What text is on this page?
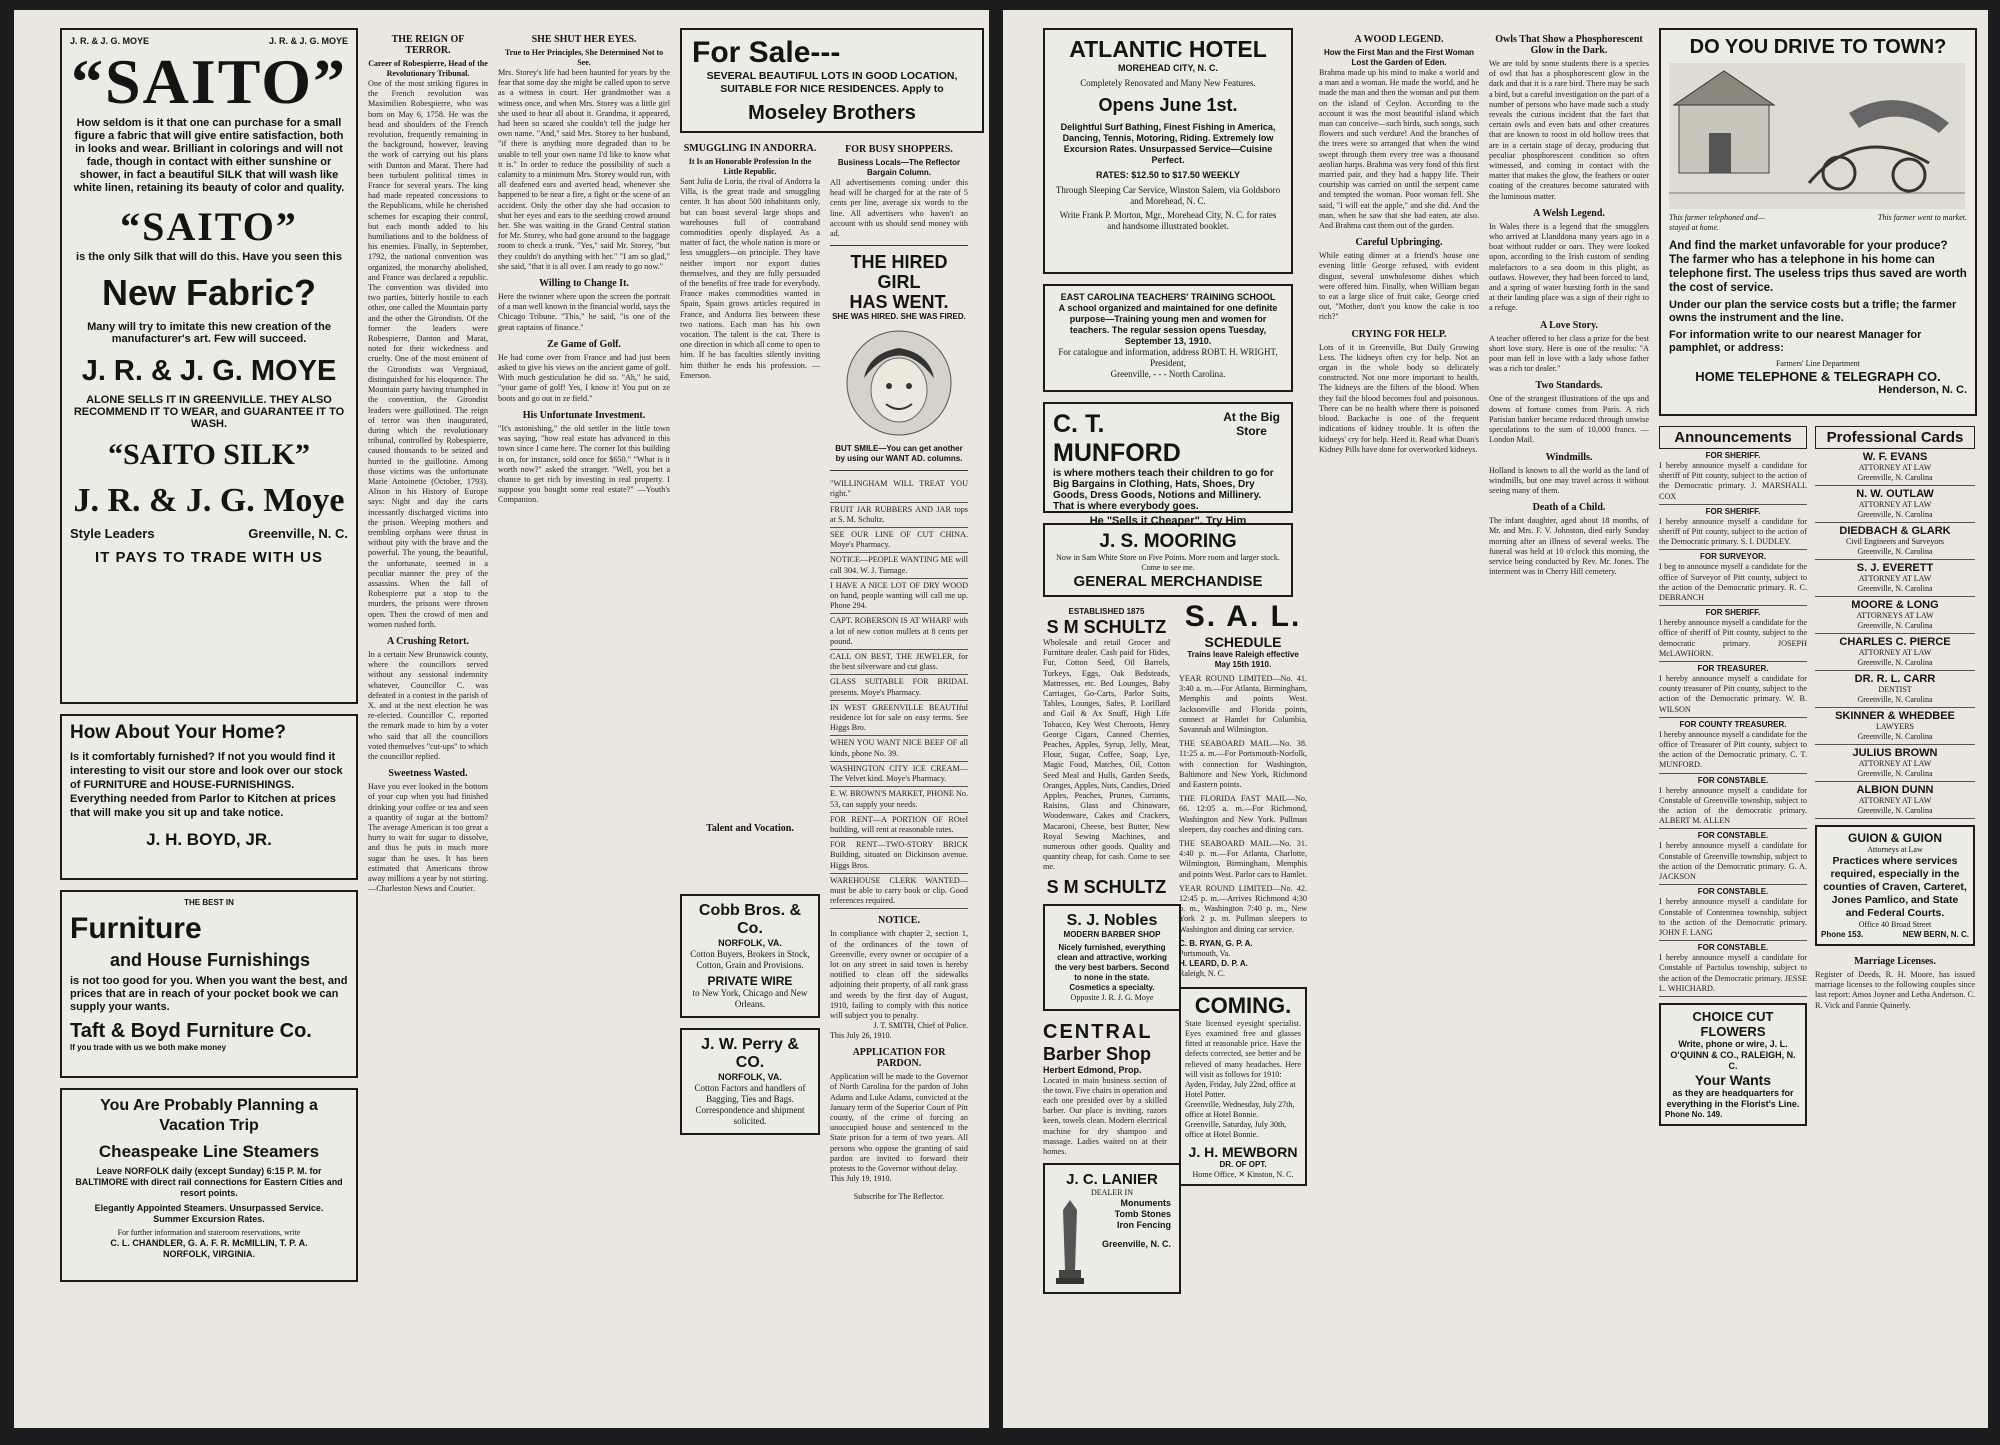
J. R. & J. G. MOYE	J. R. & J. G. MOYE
“SAITO”
How seldom is it that one can purchase for a small figure a fabric that will give entire satisfaction, both in looks and wear. Brilliant in colorings and will not fade, though in contact with either sunshine or shower, in fact a beautiful SILK that will wash like white linen, retaining its beauty of color and quality.
“SAITO”
is the only Silk that will do this. Have you seen this
New Fabric?
Many will try to imitate this new creation of the manufacturer's art. Few will succeed.
J. R. & J. G. MOYE
ALONE SELLS IT IN GREENVILLE. THEY ALSO RECOMMEND IT TO WEAR, and GUARANTEE IT TO WASH.
“SAITO SILK”
J. R. & J. G. Moye
Style Leaders	Greenville, N. C.
IT PAYS TO TRADE WITH US
How About Your Home?
Is it comfortably furnished? If not you would find it interesting to visit our store and look over our stock of FURNITURE and HOUSE-FURNISHINGS. Everything needed from Parlor to Kitchen at prices that will make you sit up and take notice.
J. H. BOYD, JR.
THE BEST IN
Furniture
and House Furnishings
is not too good for you. When you want the best, and prices that are in reach of your pocket book we can supply your wants.
Taft & Boyd Furniture Co.
If you trade with us we both make money
You Are Probably Planning a Vacation Trip
Cheaspeake Line Steamers
Leave NORFOLK daily (except Sunday) 6:15 P. M. for BALTIMORE with direct rail connections for Eastern Cities and resort points.
Elegantly Appointed Steamers. Unsurpassed Service.
Summer Excursion Rates.
For further information and stateroom reservations, write
C. L. CHANDLER, G. A. F. R. McMILLIN, T. P. A.
NORFOLK, VIRGINIA.
THE REIGN OF TERROR.
Career of Robespierre, Head of the Revolutionary Tribunal.
One of the most striking figures in the French revolution was Maximilien Robespierre, who was born on May 6, 1758. He was the head and shoulders of the French revolution, frequently remaining in the background, however, leaving the work of carrying out his plans with Danton and Marat. There had been turbulent political times in France for several years. The king had made repeated concessions to the Republicans, while he cherished schemes for escaping their control, but each month added to his humiliations and to the boldness of his enemies. Finally, in September, 1792, the national convention was organized, the monarchy abolished, and France was declared a republic. The convention was divided into two parties, bitterly hostile to each other, one called the Mountain party and the other the Girondists. Of the former the leaders were Robespierre, Danton and Marat, noted for their wickedness and cruelty. One of the most eminent of the Girondists was Vergniaud, distinguished for his eloquence. The Mountain party having triumphed in the convention, the Girondist leaders were guillotined. The reign of terror was then inaugurated, during which the revolutionary tribunal, controlled by Robespierre, caused thousands to be seized and hurried to the guillotine. Among those victims was the unfortunate Marie Antoinette (October, 1793). Alison in his History of Europe says: Night and day the carts incessantly discharged victims into the prison. Weeping mothers and trembling orphans were thrust in without pity with the brave and the powerful. The young, the beautiful, the unfortunate, seemed in a peculiar manner the prey of the assassins. When the fall of Robespierre put a stop to the murders, the prisons were thrown open. Then the crowd of men and women rushed forth.
A Crushing Retort.
In a certain New Brunswick county, where the councillors served without any sessional indemnity whatever, Councillor C. was defeated in a contest in the parish of X. and at the next election he was re-elected. Councillor C. reported the remark made to him by a voter who said that all the councillors voted themselves "cut-ups" to which the councillor replied.
Sweetness Wasted.
Have you ever looked in the bottom of your cup when you had finished drinking your coffee or tea and seen a quantity of sugar at the bottom? The average American is too great a hurry to wait for sugar to dissolve, and thus he puts in much more sugar than he uses. It has been estimated that Americans throw away millions a year by not stirring. —Charleston News and Courier.
SHE SHUT HER EYES.
True to Her Principles, She Determined Not to See.
Mrs. Storey's life had been haunted for years by the fear that some day she might be called upon to serve as a witness in court. Her grandmother was a witness once, and when Mrs. Storey was a little girl she used to hear all about it. Grandma, it appeared, had been so scared she couldn't tell the judge her own name. "And," said Mrs. Storey to her husband, "if there is anything more degraded than to be unable to tell your own name I'd like to know what it is." In order to reduce the possibility of such a calamity to a minimum Mrs. Storey would run, with all deafened ears and averted head, whenever she happened to be near a fire, a fight or the scene of an accident. Only the other day she had occasion to shut her eyes and ears to the seething crowd around her. She was waiting in the Grand Central station for Mr. Storey, who had gone around to the baggage room to check a trunk. "Yes," said Mr. Storey, "but they couldn't do anything with her." "I am so glad," she said, "that it is all over. I am ready to go now."
Willing to Change It.
Here the twinner where upon the screen the portrait of a man well known in the financial world, says the Chicago Tribune. "This," he said, "is one of the great captains of finance."
Ze Game of Golf.
He had come over from France and had just been asked to give his views on the ancient game of golf. With much gesticulation he did so. "Ah," he said, "your game of golf! Yes, I know it! You put on ze boots and go out in ze field."
His Unfortunate Investment.
"It's astonishing," the old settler in the little town was saying, "how real estate has advanced in this town since I came here. The corner lot this building is on, for instance, sold once for $650." "What is it worth now?" asked the stranger. "Well, you bet a chance to get rich by investing in real property. I suppose you bought some real estate?" —Youth's Companion.
For Sale---
SEVERAL BEAUTIFUL LOTS IN GOOD LOCATION, SUITABLE FOR NICE RESIDENCES. Apply to
Moseley Brothers
SMUGGLING IN ANDORRA.
It Is an Honorable Profession In the Little Republic.
Sant Julia de Loria, the rival of Andorra la Villa, is the great trade and smuggling center. It has about 500 inhabitants only, but can boast several large shops and warehouses full of contraband commodities openly displayed. As a matter of fact, the whole nation is more or less smugglers—on principle. They have neither import nor export duties themselves, and they are fully persuaded of the benefits of free trade for everybody. France makes commodities wanted in Spain, Spain grows articles required in France, and Andorra lies between these two nations. Each man has his own vocation. The talent is the cat. There is one direction in which all come to open to him. If he has faculties silently inviting him thither he ends his profession. —Emerson.
Talent and Vocation.
Cobb Bros. & Co.
NORFOLK, VA.
Cotton Buyers, Brokers in Stock, Cotton, Grain and Provisions.
PRIVATE WIRE
to New York, Chicago and New Orleans.
J. W. Perry & CO.
NORFOLK, VA.
Cotton Factors and handlers of Bagging, Ties and Bags. Correspondence and shipment solicited.
FOR BUSY SHOPPERS.
Business Locals—The Reflector Bargain Column.
All advertisements coming under this head will be charged for at the rate of 5 cents per line, average six words to the line. All advertisers who haven't an account with us should send money with ad.
THE HIRED GIRL
HAS WENT.
SHE WAS HIRED. SHE WAS FIRED.
BUT SMILE—You can get another by using our WANT AD. columns.
"WILLINGHAM WILL TREAT YOU right."
FRUIT JAR RUBBERS AND JAR tops at S. M. Schultz.
SEE OUR LINE OF CUT CHINA. Moye's Pharmacy.
NOTICE—PEOPLE WANTING ME will call 304. W. J. Turnage.
I HAVE A NICE LOT OF DRY WOOD on hand, people wanting will call me up. Phone 294.
CAPT. ROBERSON IS AT WHARF with a lot of new cotton mullets at 8 cents per pound.
CALL ON BEST, THE JEWELER, for the best silverware and cut glass.
GLASS SUITABLE FOR BRIDAL presents. Moye's Pharmacy.
IN WEST GREENVILLE BEAUTIful residence lot for sale on easy terms. See Higgs Bro.
WHEN YOU WANT NICE BEEF OF all kinds, phone No. 39.
WASHINGTON CITY ICE CREAM—The Velvet kind. Moye's Pharmacy.
E. W. BROWN'S MARKET, PHONE No. 53, can supply your needs.
FOR RENT—A PORTION OF ROtel building, will rent at reasonable rates.
FOR RENT—TWO-STORY BRICK Building, situated on Dickinson avenue. Higgs Bros.
WAREHOUSE CLERK WANTED—must be able to carry book or clip. Good references required.
NOTICE.
In compliance with chapter 2, section 1, of the ordinances of the town of Greenville, every owner or occupier of a lot on any street in said town is hereby notified to clean off the sidewalks adjoining their property, of all rank grass and weeds by the first day of August, 1910, failing to comply with this notice will subject you to penalty.
J. T. SMITH, Chief of Police.
This July 26, 1910.
APPLICATION FOR PARDON.
Application will be made to the Governor of North Carolina for the pardon of John Adams and Luke Adams, convicted at the January term of the Superior Court of Pitt county, of the crime of forcing an unoccupied house and sentenced to the State prison for a term of two years. All persons who oppose the granting of said pardon are invited to forward their protests to the Governor without delay.
This July 19, 1910.
Subscribe for The Reflector.
ATLANTIC HOTEL
MOREHEAD CITY, N. C.
Completely Renovated and Many New Features.
Opens June 1st.
Delightful Surf Bathing, Finest Fishing in America, Dancing, Tennis, Motoring, Riding. Extremely low Excursion Rates. Unsurpassed Service—Cuisine Perfect.
RATES: $12.50 to $17.50 WEEKLY
Through Sleeping Car Service, Winston Salem, via Goldsboro and Morehead, N. C.
Write Frank P. Morton, Mgr., Morehead City, N. C. for rates and handsome illustrated booklet.
EAST CAROLINA TEACHERS' TRAINING SCHOOL
A school organized and maintained for one definite purpose—Training young men and women for teachers. The regular session opens Tuesday, September 13, 1910.
For catalogue and information, address ROBT. H. WRIGHT, President,
Greenville, - - - North Carolina.
C. T. MUNFORD
At the Big Store
is where mothers teach their children to go for Big Bargains in Clothing, Hats, Shoes, Dry Goods, Dress Goods, Notions and Millinery. That is where everybody goes.
He "Sells it Cheaper". Try Him
J. S. MOORING
Now in Sam White Store on Five Points. More room and larger stock. Come to see me.
GENERAL MERCHANDISE
ESTABLISHED 1875
S M SCHULTZ
Wholesale and retail Grocer and Furniture dealer. Cash paid for Hides, Fur, Cotton Seed, Oil Barrels, Turkeys, Eggs, Oak Bedsteads, Mattresses, etc. Bed Lounges, Baby Carriages, Go-Carts, Parlor Suits, Tables, Lounges, Safes, P. Lorillard and Gail & Ax Snuff, High Life Tobacco, Key West Cheroots, Henry George Cigars, Canned Cherries, Peaches, Apples, Syrup, Jelly, Meat, Flour, Sugar, Coffee, Soap, Lye, Magic Food, Matches, Oil, Cotton Seed Meal and Hulls, Garden Seeds, Oranges, Apples, Nuts, Candies, Dried Apples, Peaches, Prunes, Currants, Raisins, Glass and Chinaware, Woodenware, Cakes and Crackers, Macaroni, Cheese, best Butter, New Royal Sewing Machines, and numerous other goods. Quality and quantity cheap, for cash. Come to see me.
S M SCHULTZ
S. J. Nobles
MODERN BARBER SHOP
Nicely furnished, everything clean and attractive, working the very best barbers. Second to none in the state.
Cosmetics a specialty.
Opposite J. R. J. G. Moye
CENTRAL
Barber Shop
Herbert Edmond, Prop.
Located in main business section of the town. Five chairs in operation and each one presided over by a skilled barber. Our place is inviting, razors keen, towels clean. Modern electrical machine for dry shampoo and massage. Ladies waited on at their homes.
J. C. LANIER
DEALER IN
Monuments
Tomb Stones
Iron Fencing
Greenville, N. C.
S. A. L.
SCHEDULE
Trains leave Raleigh effective May 15th 1910.
YEAR ROUND LIMITED—No. 41. 3:40 a. m.—For Atlanta, Birmingham, Memphis and points West. Jacksonville and Florida points, connect at Hamlet for Columbia, Savannah and Wilmington.
THE SEABOARD MAIL—No. 38. 11:25 a. m.—For Portsmouth-Norfolk, with connection for Washington, Baltimore and New York, Richmond and Eastern points.
THE FLORIDA FAST MAIL—No. 66. 12:05 a. m.—For Richmond, Washington and New York. Pullman sleepers, day coaches and dining cars.
THE SEABOARD MAIL—No. 31. 4:40 p. m.—For Atlanta, Charlotte, Wilmington, Birmingham, Memphis and points West. Parlor cars to Hamlet.
YEAR ROUND LIMITED—No. 42. 12:45 p. m.—Arrives Richmond 4:30 p. m., Washington 7:40 p. m., New York 2 p. m. Pullman sleepers to Washington and dining car service.
C. B. RYAN, G. P. A.
Portsmouth, Va.
H. LEARD, D. P. A.
Raleigh, N. C.
COMING.
State licensed eyesight specialist. Eyes examined free and glasses fitted at reasonable price. Have the defects corrected, see better and be relieved of many headaches. Here will visit as follows for 1910:
Ayden, Friday, July 22nd, office at Hotel Potter.
Greenville, Wednesday, July 27th, office at Hotel Bonnie.
Greenville, Saturday, July 30th, office at Hotel Bonnie.
J. H. MEWBORN
DR. OF OPT.
Home Office, ✕ Kinston, N. C.
A WOOD LEGEND.
How the First Man and the First Woman Lost the Garden of Eden.
Brahma made up his mind to make a world and a man and a woman. He made the world, and he made the man and then the woman and put them on the island of Ceylon. According to the account it was the most beautiful island which man can conceive—such birds, such songs, such flowers and such verdure! And the branches of the trees were so arranged that when the wind swept through them every tree was a thousand aeolian harps. Brahma was very fond of this first married pair, and they had a happy life. Their courtship was carried on until the serpent came and tempted the woman. Poor woman fell. She said, "I will eat the apple," and she did. And the man, when he saw that she had eaten, ate also. And Brahma cast them out of the garden.
Careful Upbringing.
While eating dinner at a friend's house one evening little George refused, with evident disgust, several unwholesome dishes which were offered him. Finally, when William began to eat a large slice of fruit cake, George cried out, "Mother, don't you know the cake is too rich?"
CRYING FOR HELP.
Lots of it in Greenville, But Daily Growing Less. The kidneys often cry for help. Not an organ in the whole body so delicately constructed. Not one more important to health. The kidneys are the filters of the blood. When they fail the blood becomes foul and poisonous. There can be no health where there is poisoned blood. Backache is one of the frequent indications of kidney trouble. It is often the kidneys' cry for help. Heed it. Read what Doan's Kidney Pills have done for overworked kidneys.
Owls That Show a Phosphorescent Glow in the Dark.
We are told by some students there is a species of owl that has a phosphorescent glow in the dark and that it is a rare bird. There may be such a bird, but a careful investigation on the part of a number of persons who have made such a study reveals the curious incident that the fact that certain owls and even bats and other creatures that are known to roost in old hollow trees that are in a certain stage of decay, producing that peculiar phosphorescent condition so often witnessed, and coming in contact with the matter that makes the glow, the feathers or outer coating of the creatures become saturated with the luminous matter.
A Welsh Legend.
In Wales there is a legend that the smugglers who arrived at Llanddona many years ago in a boat without rudder or oars. They were looked upon, according to the Irish custom of sending malefactors to a sea doom in this plight, as outlaws. However, they had been forced to land, and a spring of water bursting forth in the sand at their landing place was a sign of their right to a refuge.
A Love Story.
A teacher offered to her class a prize for the best short love story. Here is one of the results: "A poor man fell in love with a lady whose father was a rich tor dealer."
Two Standards.
One of the strangest illustrations of the ups and downs of fortune comes from Paris. A rich Parisian banker became reduced through unwise speculations to the sum of 10,000 francs. —London Mail.
Windmills.
Holland is known to all the world as the land of windmills, but one may travel across it without seeing many of them.
Death of a Child.
The infant daughter, aged about 18 months, of Mr. and Mrs. F. V. Johnston, died early Sunday morning after an illness of several weeks. The funeral was held at 10 o'clock this morning, the service being conducted by Rev. Mr. Jones. The interment was in Cherry Hill cemetery.
DO YOU DRIVE TO TOWN?
This farmer telephoned and—stayed at home.
This farmer went to market.
And find the market unfavorable for your produce? The farmer who has a telephone in his home can telephone first. The useless trips thus saved are worth the cost of service.
Under our plan the service costs but a trifle; the farmer owns the instrument and the line.
For information write to our nearest Manager for pamphlet, or address:
Farmers' Line Department
HOME TELEPHONE & TELEGRAPH CO.
Henderson, N. C.
Announcements
FOR SHERIFF.
I hereby announce myself a candidate for sheriff of Pitt county, subject to the action of the Democratic primary. J. MARSHALL COX
FOR SHERIFF.
I hereby announce myself a candidate for sheriff of Pitt county, subject to the action of the Democratic primary. S. I. DUDLEY.
FOR SURVEYOR.
I beg to announce myself a candidate for the office of Surveyor of Pitt county, subject to the action of the Democratic primary. R. C. DEBRANCH
FOR SHERIFF.
I hereby announce myself a candidate for the office of sheriff of Pitt county, subject to the democratic primary. JOSEPH McLAWHORN.
FOR TREASURER.
I hereby announce myself a candidate for county treasurer of Pitt county, subject to the action of the Democratic primary. W. B. WILSON
FOR COUNTY TREASURER.
I hereby announce myself a candidate for the office of Treasurer of Pitt county, subject to the action of the Democratic primary. C. T. MUNFORD.
FOR CONSTABLE.
I hereby announce myself a candidate for Constable of Greenville township, subject to the action of the democratic primary. ALBERT M. ALLEN
FOR CONSTABLE.
I hereby announce myself a candidate for Constable of Greenville township, subject to the action of the Democratic primary. G. A. JACKSON
FOR CONSTABLE.
I hereby announce myself a candidate for Constable of Contentnea township, subject to the action of the Democratic primary. JOHN F. LANG
FOR CONSTABLE.
I hereby announce myself a candidate for Constable of Pactolus township, subject to the action of the Democratic primary. JESSE L. WHICHARD.
CHOICE CUT FLOWERS
Write, phone or wire, J. L. O'QUINN & CO., RALEIGH, N. C.
Your Wants
as they are headquarters for everything in the Florist's Line.
Phone No. 149.
Professional Cards
W. F. EVANS
ATTORNEY AT LAW
Greenville, N. Carolina
N. W. OUTLAW
ATTORNEY AT LAW
Greenville, N. Carolina
DIEDBACH & GLARK
Civil Engineers and Surveyors
Greenville, N. Carolina
S. J. EVERETT
ATTORNEY AT LAW
Greenville, N. Carolina
MOORE & LONG
ATTORNEYS AT LAW
Greenville, N. Carolina
CHARLES C. PIERCE
ATTORNEY AT LAW
Greenville, N. Carolina
DR. R. L. CARR
DENTIST
Greenville, N. Carolina
SKINNER & WHEDBEE
LAWYERS
Greenville, N. Carolina
JULIUS BROWN
ATTORNEY AT LAW
Greenville, N. Carolina
ALBION DUNN
ATTORNEY AT LAW
Greenville, N. Carolina
GUION & GUION
Attorneys at Law
Practices where services required, especially in the counties of Craven, Carteret, Jones Pamlico, and State and Federal Courts.
Office 40 Broad Street
Phone 153.	NEW BERN, N. C.
Marriage Licenses.
Register of Deeds, R. H. Moore, has issued marriage licenses to the following couples since last report: Amos Joyner and Letha Anderson. C. R. Vick and Fannie Quinerly.
